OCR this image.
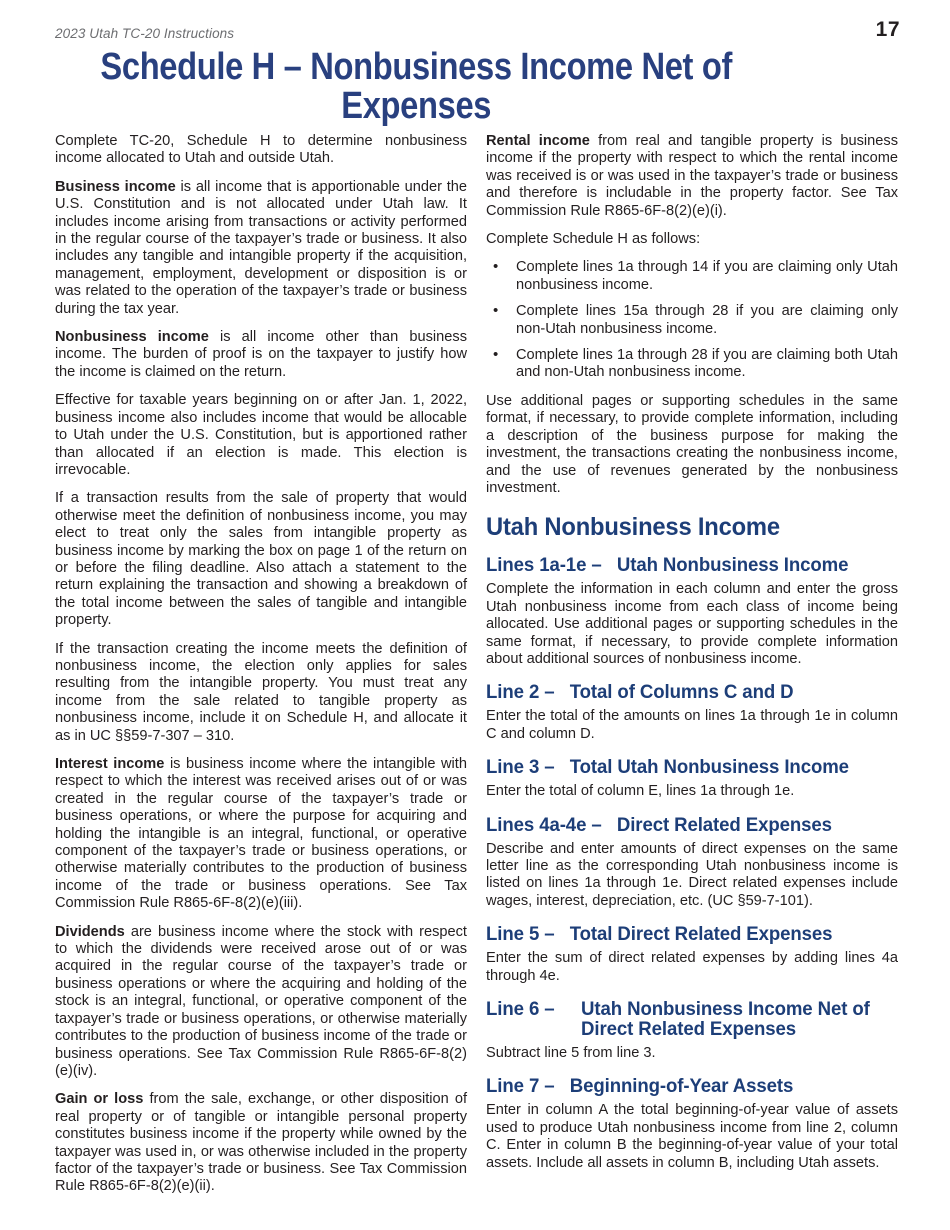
2023 Utah TC-20 Instructions	17
Schedule H – Nonbusiness Income Net of
Expenses

Complete TC-20, Schedule H to determine nonbusiness income allocated to Utah and outside Utah.

Business income is all income that is apportionable under the U.S. Constitution and is not allocated under Utah law. It includes income arising from transactions or activity performed in the regular course of the taxpayer’s trade or business. It also includes any tangible and intangible property if the acquisition, management, employment, development or disposition is or was related to the operation of the taxpayer’s trade or business during the tax year.

Nonbusiness income is all income other than business income. The burden of proof is on the taxpayer to justify how the income is claimed on the return.

Effective for taxable years beginning on or after Jan. 1, 2022, business income also includes income that would be allocable to Utah under the U.S. Constitution, but is apportioned rather than allocated if an election is made. This election is irrevocable.

If a transaction results from the sale of property that would otherwise meet the definition of nonbusiness income, you may elect to treat only the sales from intangible property as business income by marking the box on page 1 of the return on or before the filing deadline. Also attach a statement to the return explaining the transaction and showing a breakdown of the total income between the sales of tangible and intangible property.

If the transaction creating the income meets the definition of nonbusiness income, the election only applies for sales resulting from the intangible property. You must treat any income from the sale related to tangible property as nonbusiness income, include it on Schedule H, and allocate it as in UC §§59-7-307 – 310.

Interest income is business income where the intangible with respect to which the interest was received arises out of or was created in the regular course of the taxpayer’s trade or business operations, or where the purpose for acquiring and holding the intangible is an integral, functional, or operative component of the taxpayer’s trade or business operations, or otherwise materially contributes to the production of business income of the trade or business operations. See Tax Commission Rule R865-6F-8(2)(e)(iii).

Dividends are business income where the stock with respect to which the dividends were received arose out of or was acquired in the regular course of the taxpayer’s trade or business operations or where the acquiring and holding of the stock is an integral, functional, or operative component of the taxpayer’s trade or business operations, or otherwise materially contributes to the production of business income of the trade or business operations. See Tax Commission Rule R865-6F-8(2)(e)(iv).

Gain or loss from the sale, exchange, or other disposition of real property or of tangible or intangible personal property constitutes business income if the property while owned by the taxpayer was used in, or was otherwise included in the property factor of the taxpayer’s trade or business. See Tax Commission Rule R865-6F-8(2)(e)(ii).

Rental income from real and tangible property is business income if the property with respect to which the rental income was received is or was used in the taxpayer’s trade or business and therefore is includable in the property factor. See Tax Commission Rule R865-6F-8(2)(e)(i).

Complete Schedule H as follows:

• Complete lines 1a through 14 if you are claiming only Utah nonbusiness income.
• Complete lines 15a through 28 if you are claiming only non-Utah nonbusiness income.
• Complete lines 1a through 28 if you are claiming both Utah and non-Utah nonbusiness income.

Use additional pages or supporting schedules in the same format, if necessary, to provide complete information, including a description of the business purpose for making the investment, the transactions creating the nonbusiness income, and the use of revenues generated by the nonbusiness investment.

Utah Nonbusiness Income
Lines 1a-1e – Utah Nonbusiness Income

Complete the information in each column and enter the gross Utah nonbusiness income from each class of income being allocated. Use additional pages or supporting schedules in the same format, if necessary, to provide complete information about additional sources of nonbusiness income.

Line 2 – Total of Columns C and D

Enter the total of the amounts on lines 1a through 1e in column C and column D.

Line 3 – Total Utah Nonbusiness Income

Enter the total of column E, lines 1a through 1e.

Lines 4a-4e – Direct Related Expenses

Describe and enter amounts of direct expenses on the same letter line as the corresponding Utah nonbusiness income is listed on lines 1a through 1e. Direct related expenses include wages, interest, depreciation, etc. (UC §59-7-101).

Line 5 – Total Direct Related Expenses

Enter the sum of direct related expenses by adding lines 4a through 4e.

Line 6 – Utah Nonbusiness Income Net of Direct Related Expenses

Subtract line 5 from line 3.

Line 7 – Beginning-of-Year Assets

Enter in column A the total beginning-of-year value of assets used to produce Utah nonbusiness income from line 2, column C. Enter in column B the beginning-of-year value of your total assets. Include all assets in column B, including Utah assets.
